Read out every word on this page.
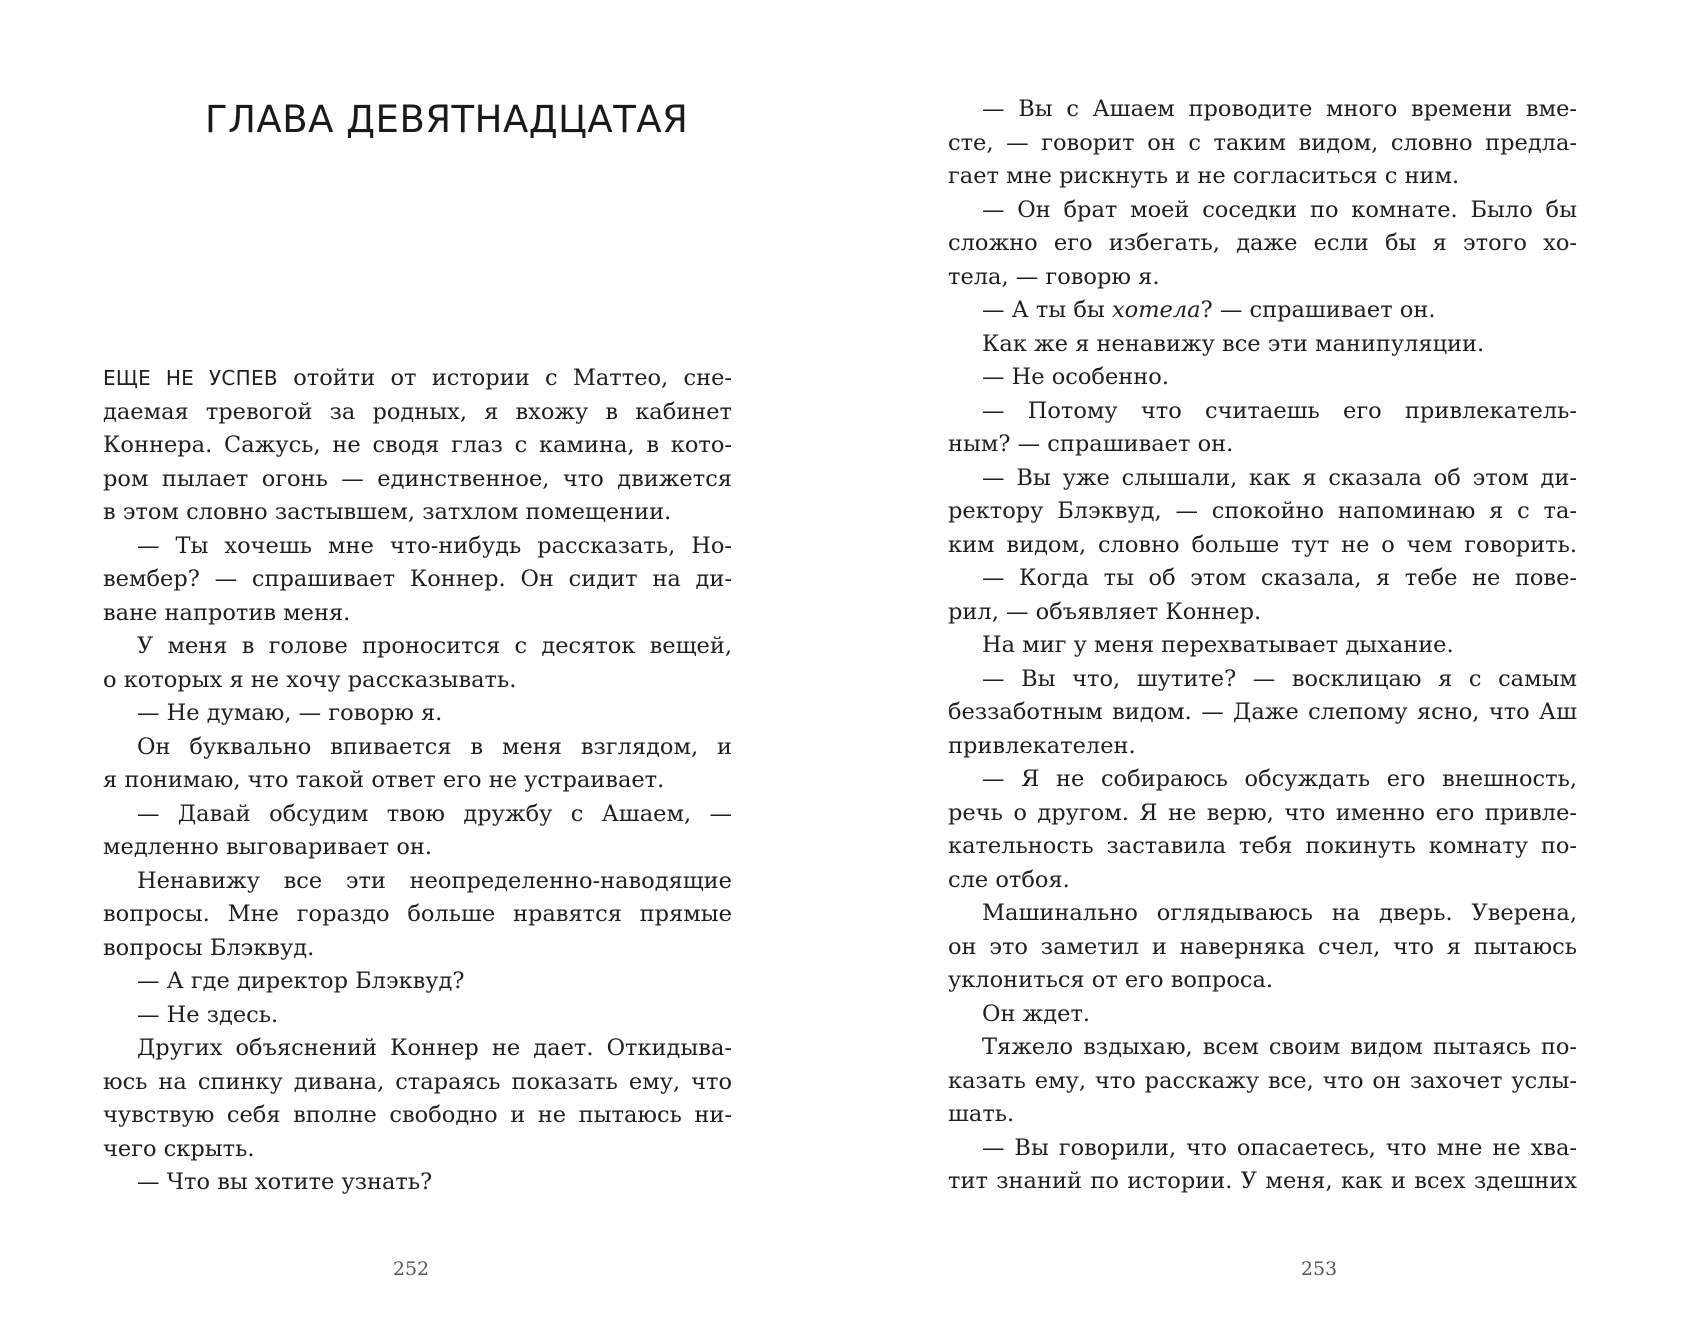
ГЛАВА ДЕВЯТНАДЦАТАЯ
ЕЩЕ НЕ УСПЕВ отойти от истории с Маттео, сне-
даемая тревогой за родных, я вхожу в кабинет
Коннера. Сажусь, не сводя глаз с камина, в кото-
ром пылает огонь — единственное, что движется
в этом словно застывшем, затхлом помещении.
— Ты хочешь мне что-нибудь рассказать, Но-
вембер? — спрашивает Коннер. Он сидит на ди-
ване напротив меня.
У меня в голове проносится с десяток вещей,
о которых я не хочу рассказывать.
— Не думаю, — говорю я.
Он буквально впивается в меня взглядом, и
я понимаю, что такой ответ его не устраивает.
— Давай обсудим твою дружбу с Ашаем, —
медленно выговаривает он.
Ненавижу все эти неопределенно-наводящие
вопросы. Мне гораздо больше нравятся прямые
вопросы Блэквуд.
— А где директор Блэквуд?
— Не здесь.
Других объяснений Коннер не дает. Откидыва-
юсь на спинку дивана, стараясь показать ему, что
чувствую себя вполне свободно и не пытаюсь ни-
чего скрыть.
— Что вы хотите узнать?
252
— Вы с Ашаем проводите много времени вме-
сте, — говорит он с таким видом, словно предла-
гает мне рискнуть и не согласиться с ним.
— Он брат моей соседки по комнате. Было бы
сложно его избегать, даже если бы я этого хо-
тела, — говорю я.
— А ты бы хотела? — спрашивает он.
Как же я ненавижу все эти манипуляции.
— Не особенно.
— Потому что считаешь его привлекатель-
ным? — спрашивает он.
— Вы уже слышали, как я сказала об этом ди-
ректору Блэквуд, — спокойно напоминаю я с та-
ким видом, словно больше тут не о чем говорить.
— Когда ты об этом сказала, я тебе не пове-
рил, — объявляет Коннер.
На миг у меня перехватывает дыхание.
— Вы что, шутите? — восклицаю я с самым
беззаботным видом. — Даже слепому ясно, что Аш
привлекателен.
— Я не собираюсь обсуждать его внешность,
речь о другом. Я не верю, что именно его привле-
кательность заставила тебя покинуть комнату по-
сле отбоя.
Машинально оглядываюсь на дверь. Уверена,
он это заметил и наверняка счел, что я пытаюсь
уклониться от его вопроса.
Он ждет.
Тяжело вздыхаю, всем своим видом пытаясь по-
казать ему, что расскажу все, что он захочет услы-
шать.
— Вы говорили, что опасаетесь, что мне не хва-
тит знаний по истории. У меня, как и всех здешних
253
